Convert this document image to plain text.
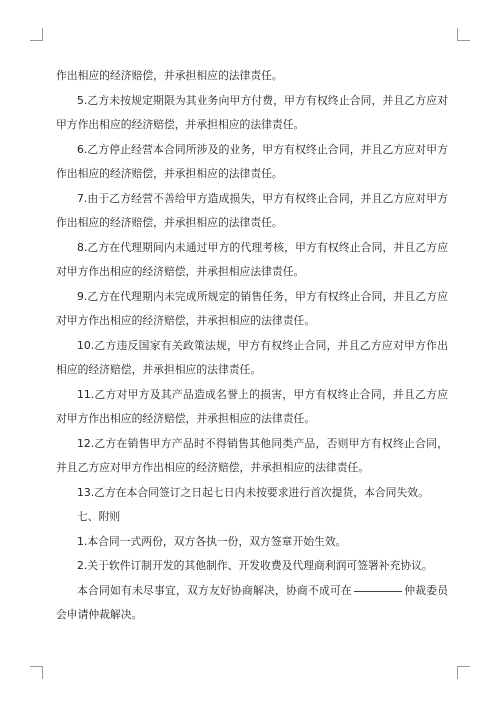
作出相应的经济赔偿，并承担相应的法律责任。

5.乙方未按规定期限为其业务向甲方付费，甲方有权终止合同，并且乙方应对甲方作出相应的经济赔偿，并承担相应的法律责任。

6.乙方停止经营本合同所涉及的业务，甲方有权终止合同，并且乙方应对甲方作出相应的经济赔偿，并承担相应的法律责任。

7.由于乙方经营不善给甲方造成损失，甲方有权终止合同，并且乙方应对甲方作出相应的经济赔偿，并承担相应的法律责任。

8.乙方在代理期间内未通过甲方的代理考核，甲方有权终止合同，并且乙方应对甲方作出相应的经济赔偿，并承担相应法律责任。

9.乙方在代理期内未完成所规定的销售任务，甲方有权终止合同，并且乙方应对甲方作出相应的经济赔偿，并承担相应的法律责任。

10.乙方违反国家有关政策法规，甲方有权终止合同，并且乙方应对甲方作出相应的经济赔偿，并承担相应的法律责任。

11.乙方对甲方及其产品造成名誉上的损害，甲方有权终止合同，并且乙方应对甲方作出相应的经济赔偿，并承担相应的法律责任。

12.乙方在销售甲方产品时不得销售其他同类产品，否则甲方有权终止合同，并且乙方应对甲方作出相应的经济赔偿，并承担相应的法律责任。

13.乙方在本合同签订之日起七日内未按要求进行首次提货，本合同失效。

七、附则

1.本合同一式两份，双方各执一份，双方签章开始生效。

2.关于软件订制开发的其他制作、开发收费及代理商利润可签署补充协议。

本合同如有未尽事宜，双方友好协商解决，协商不成可在	仲裁委员会申请仲裁解决。
